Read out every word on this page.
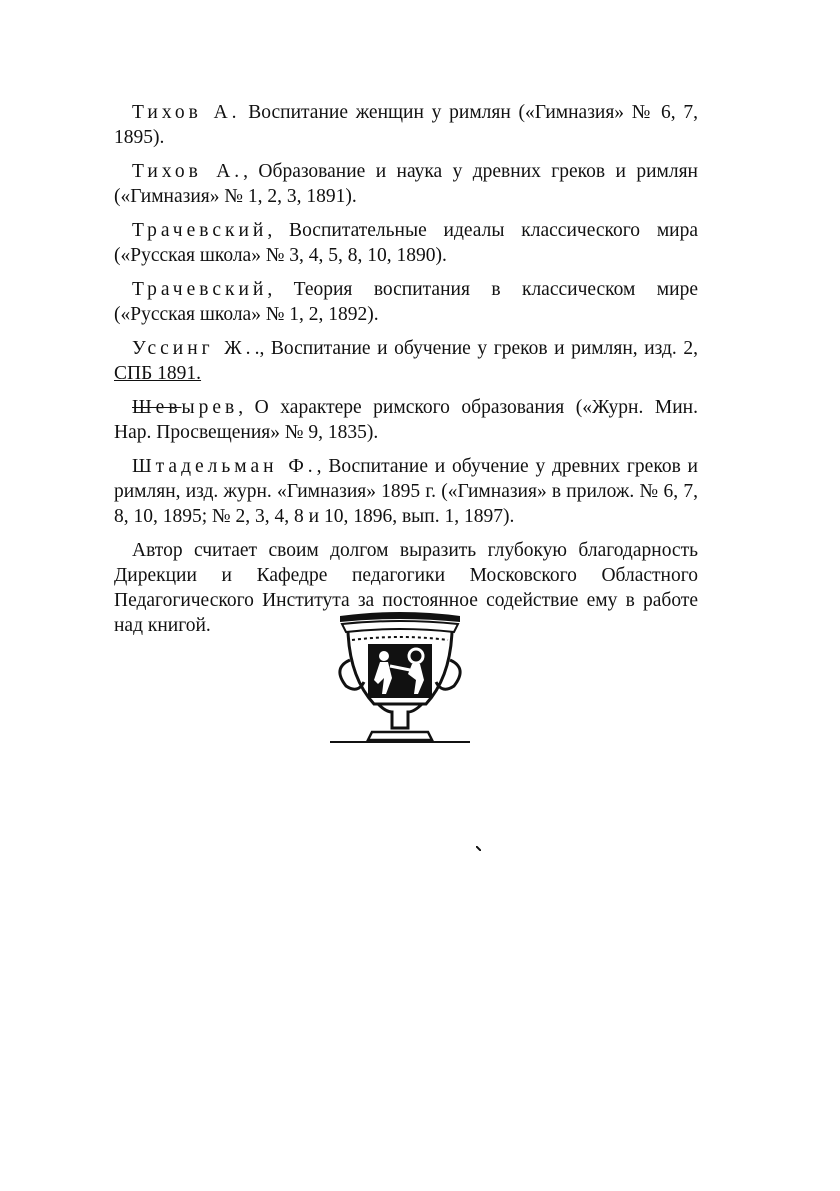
Тихов А. Воспитание женщин у римлян («Гимназия» № 6, 7, 1895).

Тихов А., Образование и наука у древних греков и римлян («Гимназия» № 1, 2, 3, 1891).

Трачевский, Воспитательные идеалы классического мира («Русская школа» № 3, 4, 5, 8, 10, 1890).

Трачевский, Теория воспитания в классическом мире («Русская школа» № 1, 2, 1892).

Уссинг Ж.., Воспитание и обучение у греков и римлян, изд. 2, СПБ 1891.

Шевырев, О характере римского образования («Журн. Мин. Нар. Просвещения» № 9, 1835).

Штадельман Ф., Воспитание и обучение у древних греков и римлян, изд. журн. «Гимназия» 1895 г. («Гимназия» в прилож. № 6, 7, 8, 10, 1895; № 2, 3, 4, 8 и 10, 1896, вып. 1, 1897).

Автор считает своим долгом выразить глубокую благодарность Дирекции и Кафедре педагогики Московского Областного Педагогического Института за постоянное содействие ему в работе над книгой.
